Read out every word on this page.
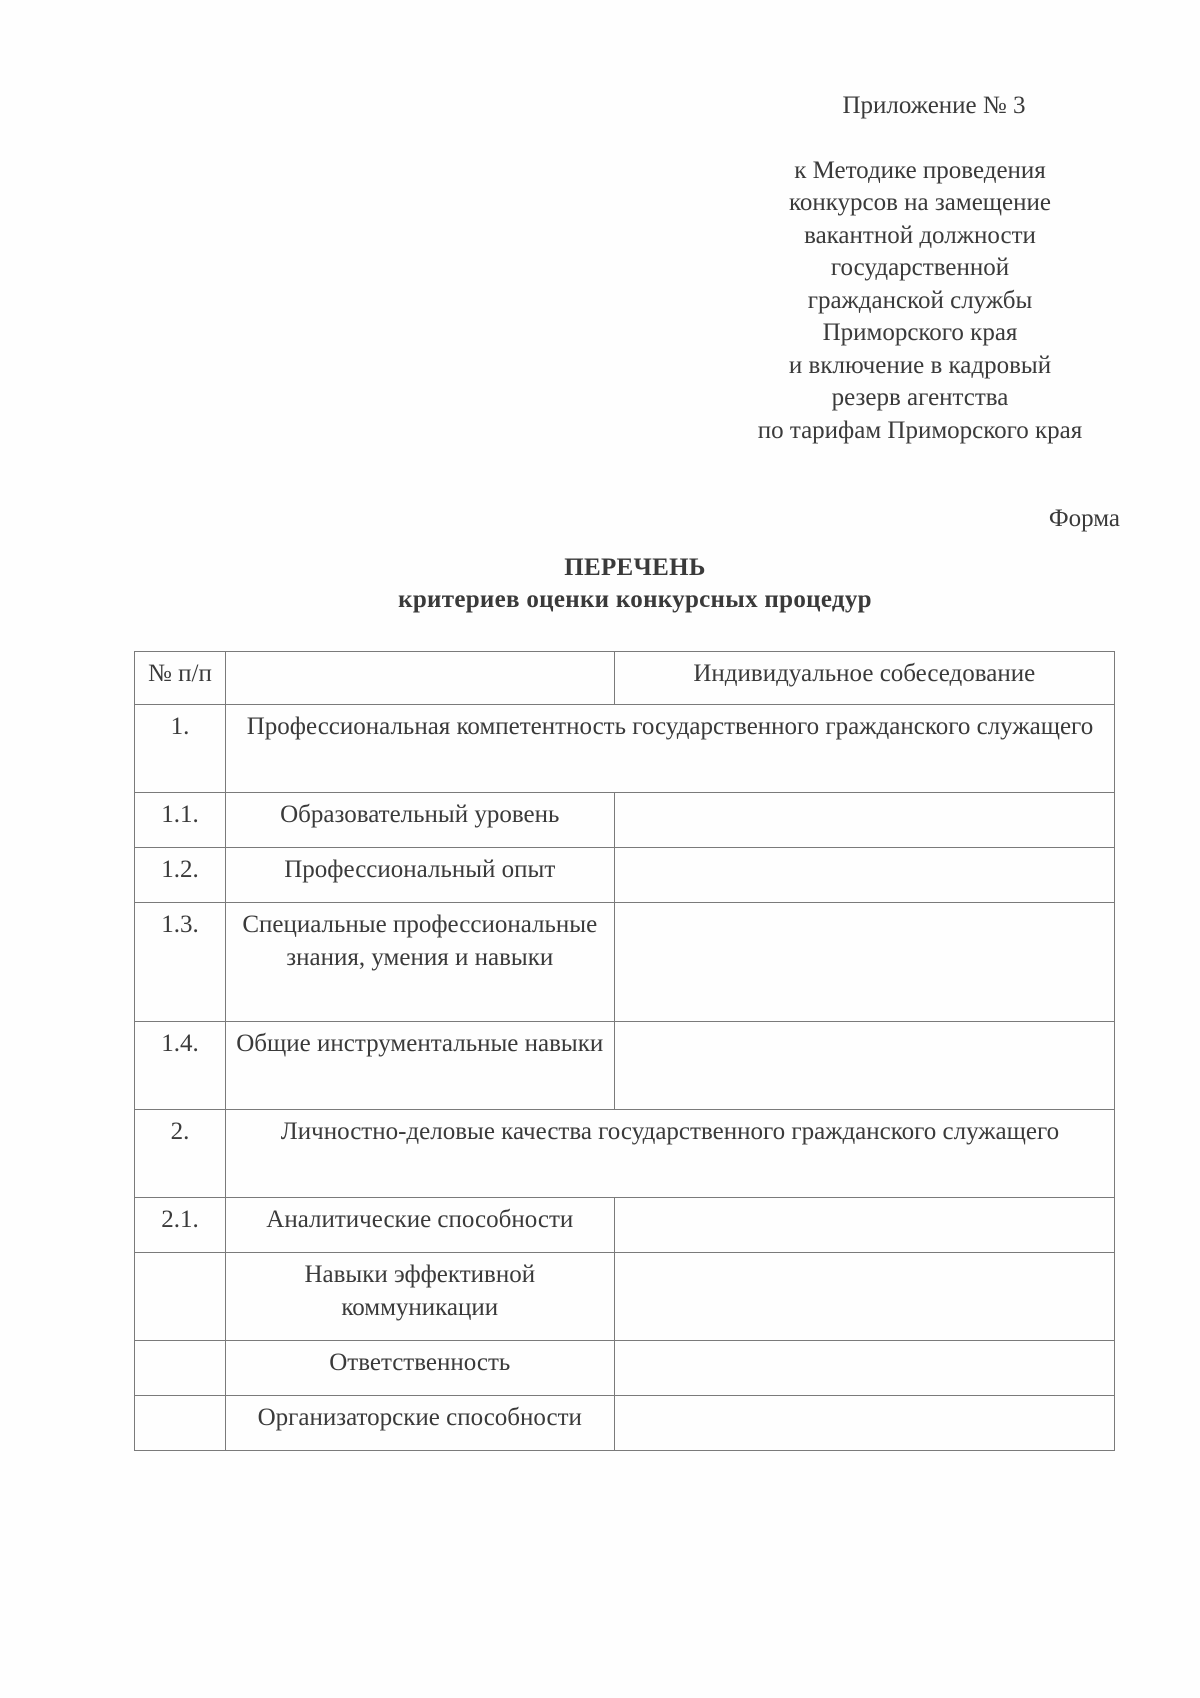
Приложение № 3
к Методике проведения
конкурсов на замещение
вакантной должности
государственной
гражданской службы
Приморского края
и включение в кадровый
резерв агентства
по тарифам Приморского края
Форма
ПЕРЕЧЕНЬ
критериев оценки конкурсных процедур
№ п/п		Индивидуальное собеседование
1.	Профессиональная компетентность государственного гражданского служащего	
1.1.	Образовательный уровень	
1.2.	Профессиональный опыт	
1.3.	Специальные профессиональные знания, умения и навыки	
1.4.	Общие инструментальные навыки	
2.	Личностно-деловые качества государственного гражданского служащего	
2.1.	Аналитические способности	
	Навыки эффективной коммуникации	
	Ответственность	
	Организаторские способности	
